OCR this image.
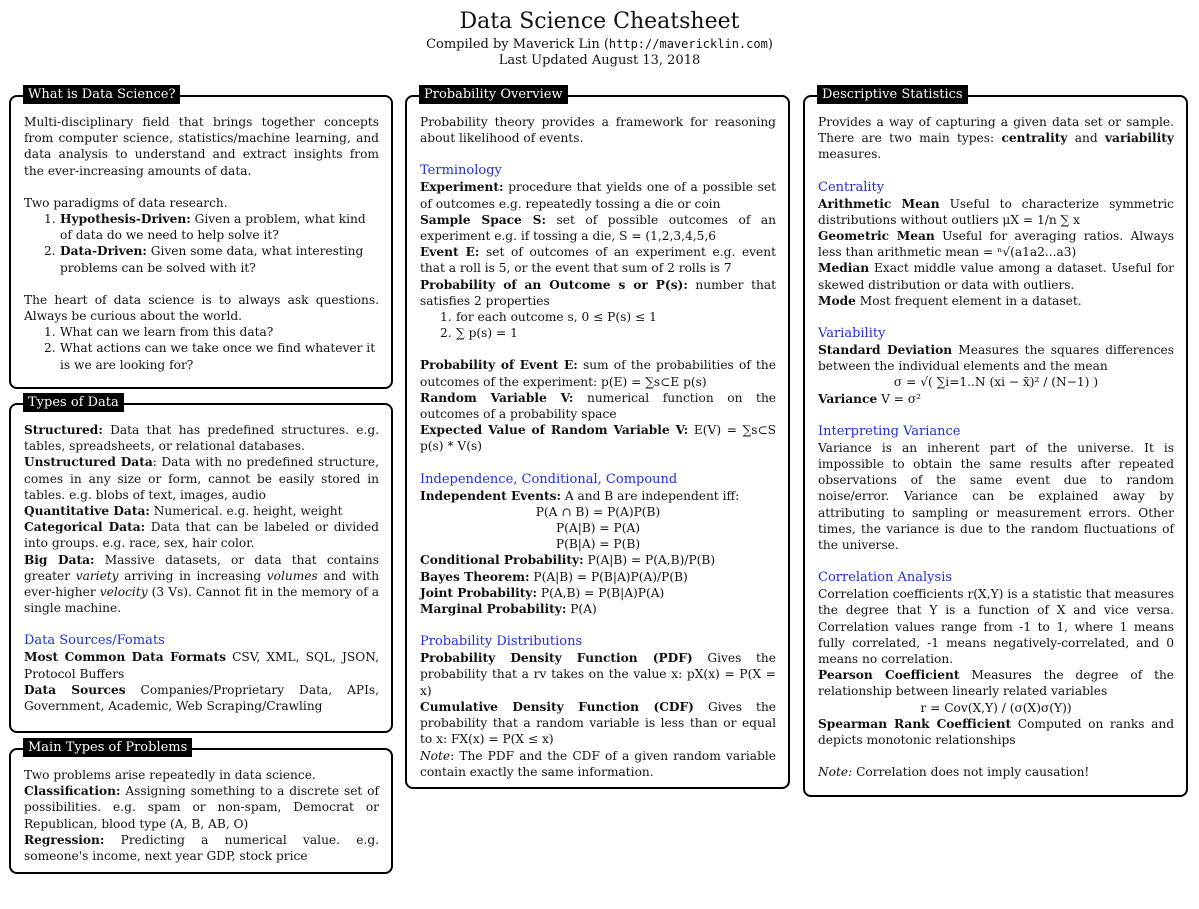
Data Science Cheatsheet
Compiled by Maverick Lin (http://mavericklin.com)
Last Updated August 13, 2018
What is Data Science?

Multi-disciplinary field that brings together concepts from computer science, statistics/machine learning, and data analysis to understand and extract insights from the ever-increasing amounts of data.

Two paradigms of data research.

1. Hypothesis-Driven: Given a problem, what kind of data do we need to help solve it?
2. Data-Driven: Given some data, what interesting problems can be solved with it?

The heart of data science is to always ask questions. Always be curious about the world.

1. What can we learn from this data?
2. What actions can we take once we find whatever it is we are looking for?
Types of Data

Structured: Data that has predefined structures. e.g. tables, spreadsheets, or relational databases.

Unstructured Data: Data with no predefined structure, comes in any size or form, cannot be easily stored in tables. e.g. blobs of text, images, audio

Quantitative Data: Numerical. e.g. height, weight

Categorical Data: Data that can be labeled or divided into groups. e.g. race, sex, hair color.

Big Data: Massive datasets, or data that contains greater variety arriving in increasing volumes and with ever-higher velocity (3 Vs). Cannot fit in the memory of a single machine.

Data Sources/Fomats

Most Common Data Formats CSV, XML, SQL, JSON, Protocol Buffers

Data Sources Companies/Proprietary Data, APIs, Government, Academic, Web Scraping/Crawling

Main Types of Problems

Two problems arise repeatedly in data science.

Classification: Assigning something to a discrete set of possibilities. e.g. spam or non-spam, Democrat or Republican, blood type (A, B, AB, O)

Regression: Predicting a numerical value. e.g. someone's income, next year GDP, stock price

Probability Overview

Probability theory provides a framework for reasoning about likelihood of events.

Terminology

Experiment: procedure that yields one of a possible set of outcomes e.g. repeatedly tossing a die or coin

Sample Space S: set of possible outcomes of an experiment e.g. if tossing a die, S = (1,2,3,4,5,6

Event E: set of outcomes of an experiment e.g. event that a roll is 5, or the event that sum of 2 rolls is 7

Probability of an Outcome s or P(s): number that satisfies 2 properties

1. for each outcome s, 0 ≤ P(s) ≤ 1
2. ∑ p(s) = 1

Probability of Event E: sum of the probabilities of the outcomes of the experiment: p(E) = ∑s⊂E p(s)

Random Variable V: numerical function on the outcomes of a probability space

Expected Value of Random Variable V: E(V) = ∑s⊂S p(s) * V(s)

Independence, Conditional, Compound

Independent Events: A and B are independent iff:

P(A ∩ B) = P(A)P(B)
P(A|B) = P(A)
P(B|A) = P(B)

Conditional Probability: P(A|B) = P(A,B)/P(B)

Bayes Theorem: P(A|B) = P(B|A)P(A)/P(B)

Joint Probability: P(A,B) = P(B|A)P(A)

Marginal Probability: P(A)

Probability Distributions

Probability Density Function (PDF) Gives the probability that a rv takes on the value x: pX(x) = P(X = x)

Cumulative Density Function (CDF) Gives the probability that a random variable is less than or equal to x: FX(x) = P(X ≤ x)

Note: The PDF and the CDF of a given random variable contain exactly the same information.

Descriptive Statistics

Provides a way of capturing a given data set or sample. There are two main types: centrality and variability measures.

Centrality

Arithmetic Mean Useful to characterize symmetric distributions without outliers μX = 1/n ∑ x

Geometric Mean Useful for averaging ratios. Always less than arithmetic mean = ⁿ√(a1a2...a3)

Median Exact middle value among a dataset. Useful for skewed distribution or data with outliers.

Mode Most frequent element in a dataset.

Variability

Standard Deviation Measures the squares differences between the individual elements and the mean

σ = √( ∑i=1..N (xi − x̄)² / (N−1) )

Variance V = σ²

Interpreting Variance

Variance is an inherent part of the universe. It is impossible to obtain the same results after repeated observations of the same event due to random noise/error. Variance can be explained away by attributing to sampling or measurement errors. Other times, the variance is due to the random fluctuations of the universe.

Correlation Analysis

Correlation coefficients r(X,Y) is a statistic that measures the degree that Y is a function of X and vice versa. Correlation values range from -1 to 1, where 1 means fully correlated, -1 means negatively-correlated, and 0 means no correlation.

Pearson Coefficient Measures the degree of the relationship between linearly related variables

r = Cov(X,Y) / (σ(X)σ(Y))

Spearman Rank Coefficient Computed on ranks and depicts monotonic relationships

Note: Correlation does not imply causation!
